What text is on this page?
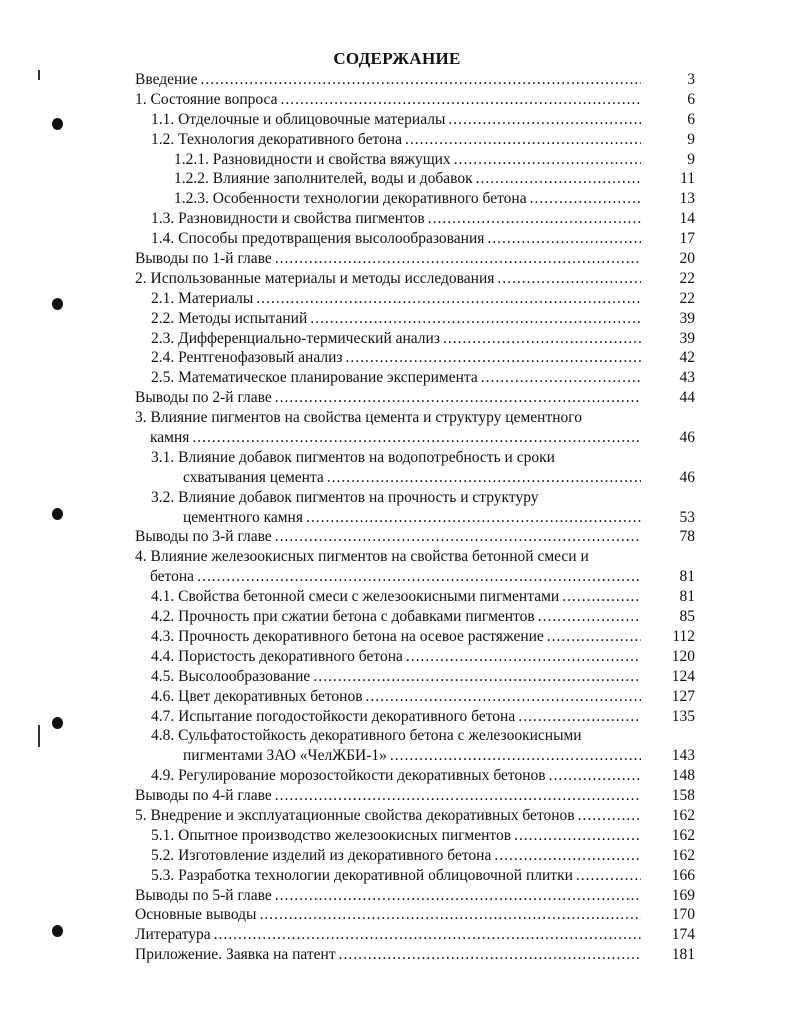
СОДЕРЖАНИЕ
Введение .....	3
1. Состояние вопроса .....	6
1.1. Отделочные и облицовочные материалы .....	6
1.2. Технология декоративного бетона .....	9
1.2.1. Разновидности и свойства вяжущих .....	9
1.2.2. Влияние заполнителей, воды и добавок .....	11
1.2.3. Особенности технологии декоративного бетона .....	13
1.3. Разновидности и свойства пигментов .....	14
1.4. Способы предотвращения высолообразования .....	17
Выводы по 1-й главе .....	20
2. Использованные материалы и методы исследования .....	22
2.1. Материалы .....	22
2.2. Методы испытаний .....	39
2.3. Дифференциально-термический анализ .....	39
2.4. Рентгенофазовый анализ .....	42
2.5. Математическое планирование эксперимента .....	43
Выводы по 2-й главе .....	44
3. Влияние пигментов на свойства цемента и структуру цементного
камня .....	46
3.1. Влияние добавок пигментов на водопотребность и сроки
схватывания цемента .....	46
3.2. Влияние добавок пигментов на прочность и структуру
цементного камня .....	53
Выводы по 3-й главе .....	78
4. Влияние железоокисных пигментов на свойства бетонной смеси и
бетона .....	81
4.1. Свойства бетонной смеси с железоокисными пигментами .....	81
4.2. Прочность при сжатии бетона с добавками пигментов .....	85
4.3. Прочность декоративного бетона на осевое растяжение .....	112
4.4. Пористость декоративного бетона .....	120
4.5. Высолообразование .....	124
4.6. Цвет декоративных бетонов .....	127
4.7. Испытание погодостойкости декоративного бетона .....	135
4.8. Сульфатостойкость декоративного бетона с железоокисными
пигментами ЗАО «ЧелЖБИ-1» .....	143
4.9. Регулирование морозостойкости декоративных бетонов .....	148
Выводы по 4-й главе .....	158
5. Внедрение и эксплуатационные свойства декоративных бетонов .....	162
5.1. Опытное производство железоокисных пигментов .....	162
5.2. Изготовление изделий из декоративного бетона .....	162
5.3. Разработка технологии декоративной облицовочной плитки .....	166
Выводы по 5-й главе .....	169
Основные выводы .....	170
Литература .....	174
Приложение. Заявка на патент .....	181
